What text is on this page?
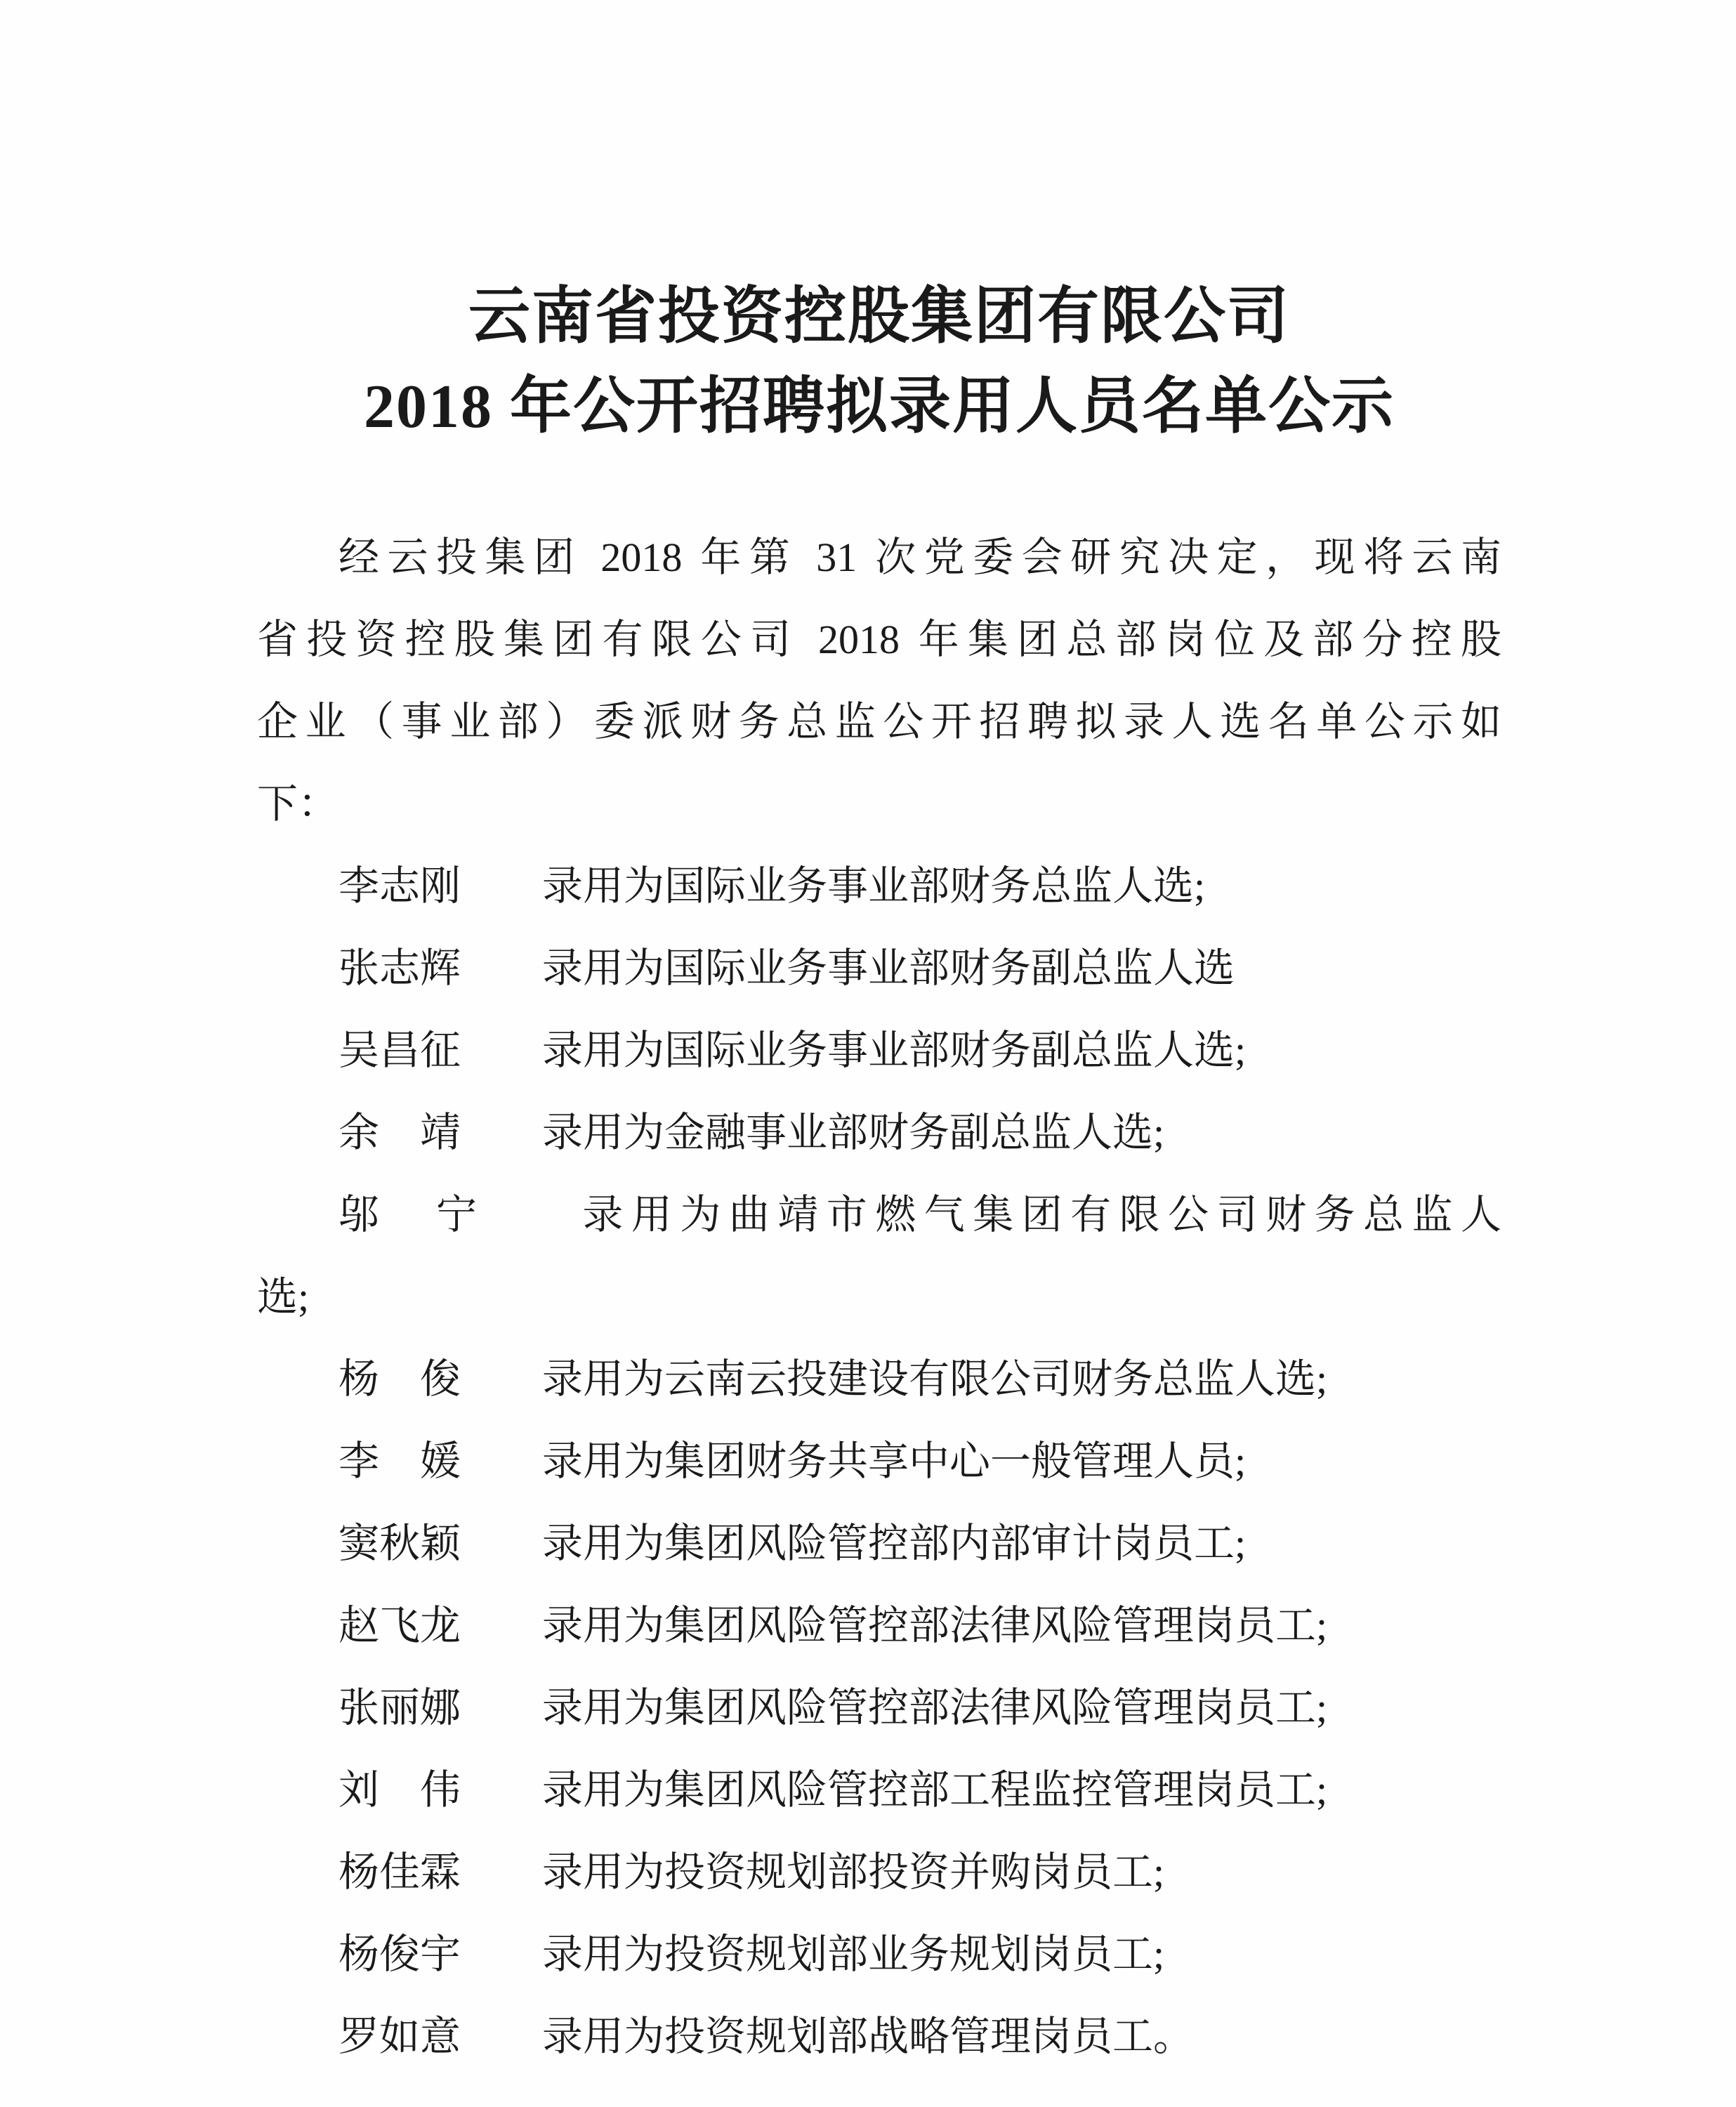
云南省投资控股集团有限公司
2018 年公开招聘拟录用人员名单公示
经云投集团 2018 年第 31 次党委会研究决定，现将云南
省投资控股集团有限公司 2018 年集团总部岗位及部分控股
企业（事业部）委派财务总监公开招聘拟录人选名单公示如
下：
李志刚　　录用为国际业务事业部财务总监人选;
张志辉　　录用为国际业务事业部财务副总监人选
吴昌征　　录用为国际业务事业部财务副总监人选;
余　靖　　录用为金融事业部财务副总监人选;
邬　宁　　录用为曲靖市燃气集团有限公司财务总监人
选;
杨　俊　　录用为云南云投建设有限公司财务总监人选;
李　媛　　录用为集团财务共享中心一般管理人员;
窦秋颖　　录用为集团风险管控部内部审计岗员工;
赵飞龙　　录用为集团风险管控部法律风险管理岗员工;
张丽娜　　录用为集团风险管控部法律风险管理岗员工;
刘　伟　　录用为集团风险管控部工程监控管理岗员工;
杨佳霖　　录用为投资规划部投资并购岗员工;
杨俊宇　　录用为投资规划部业务规划岗员工;
罗如意　　录用为投资规划部战略管理岗员工。
